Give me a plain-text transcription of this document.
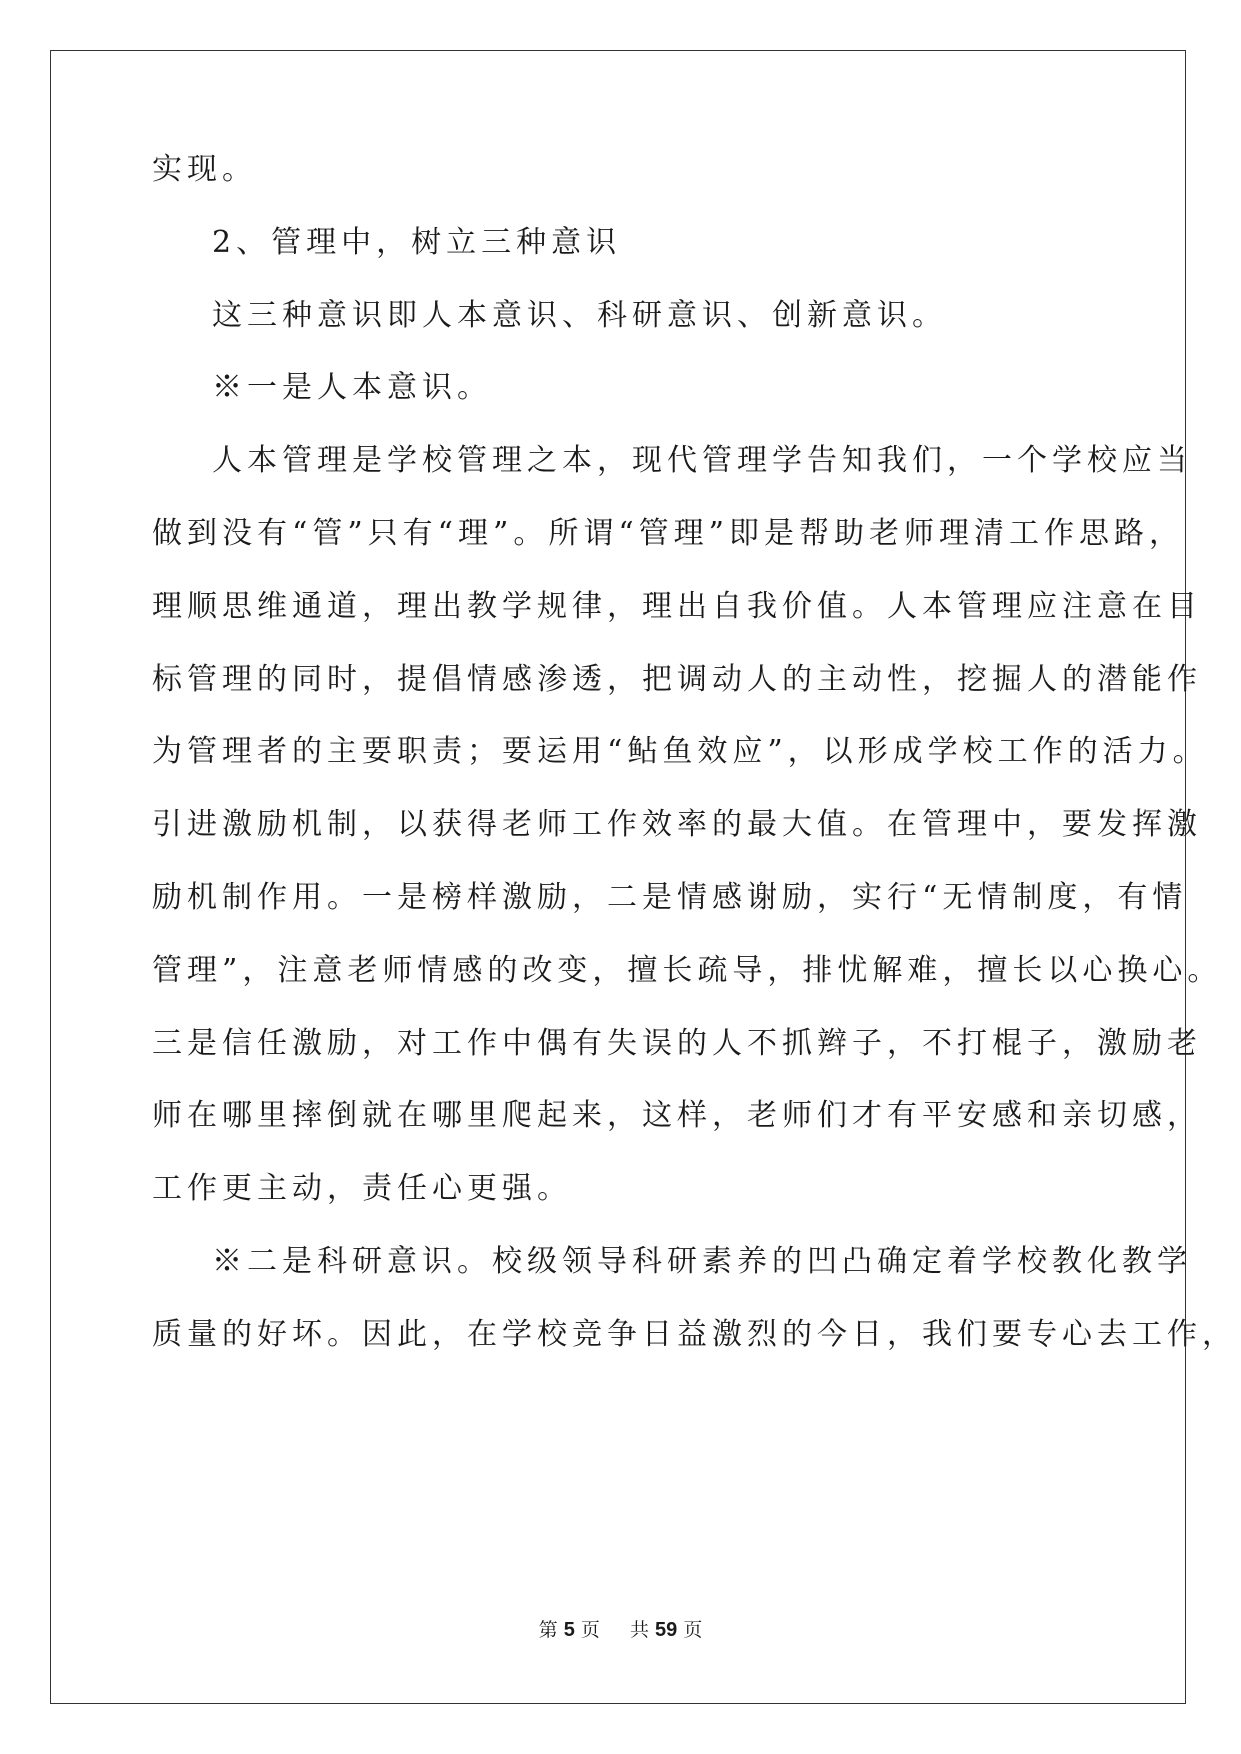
实现。
2、管理中，树立三种意识
这三种意识即人本意识、科研意识、创新意识。
※一是人本意识。
人本管理是学校管理之本，现代管理学告知我们，一个学校应当
做到没有“管”只有“理”。所谓“管理”即是帮助老师理清工作思路，
理顺思维通道，理出教学规律，理出自我价值。人本管理应注意在目
标管理的同时，提倡情感渗透，把调动人的主动性，挖掘人的潜能作
为管理者的主要职责；要运用“鲇鱼效应”，以形成学校工作的活力。
引进激励机制，以获得老师工作效率的最大值。在管理中，要发挥激
励机制作用。一是榜样激励，二是情感谢励，实行“无情制度，有情
管理”，注意老师情感的改变，擅长疏导，排忧解难，擅长以心换心。
三是信任激励，对工作中偶有失误的人不抓辫子，不打棍子，激励老
师在哪里摔倒就在哪里爬起来，这样，老师们才有平安感和亲切感，
工作更主动，责任心更强。
※二是科研意识。校级领导科研素养的凹凸确定着学校教化教学
质量的好坏。因此，在学校竞争日益激烈的今日，我们要专心去工作，
第 5 页 共 59 页
